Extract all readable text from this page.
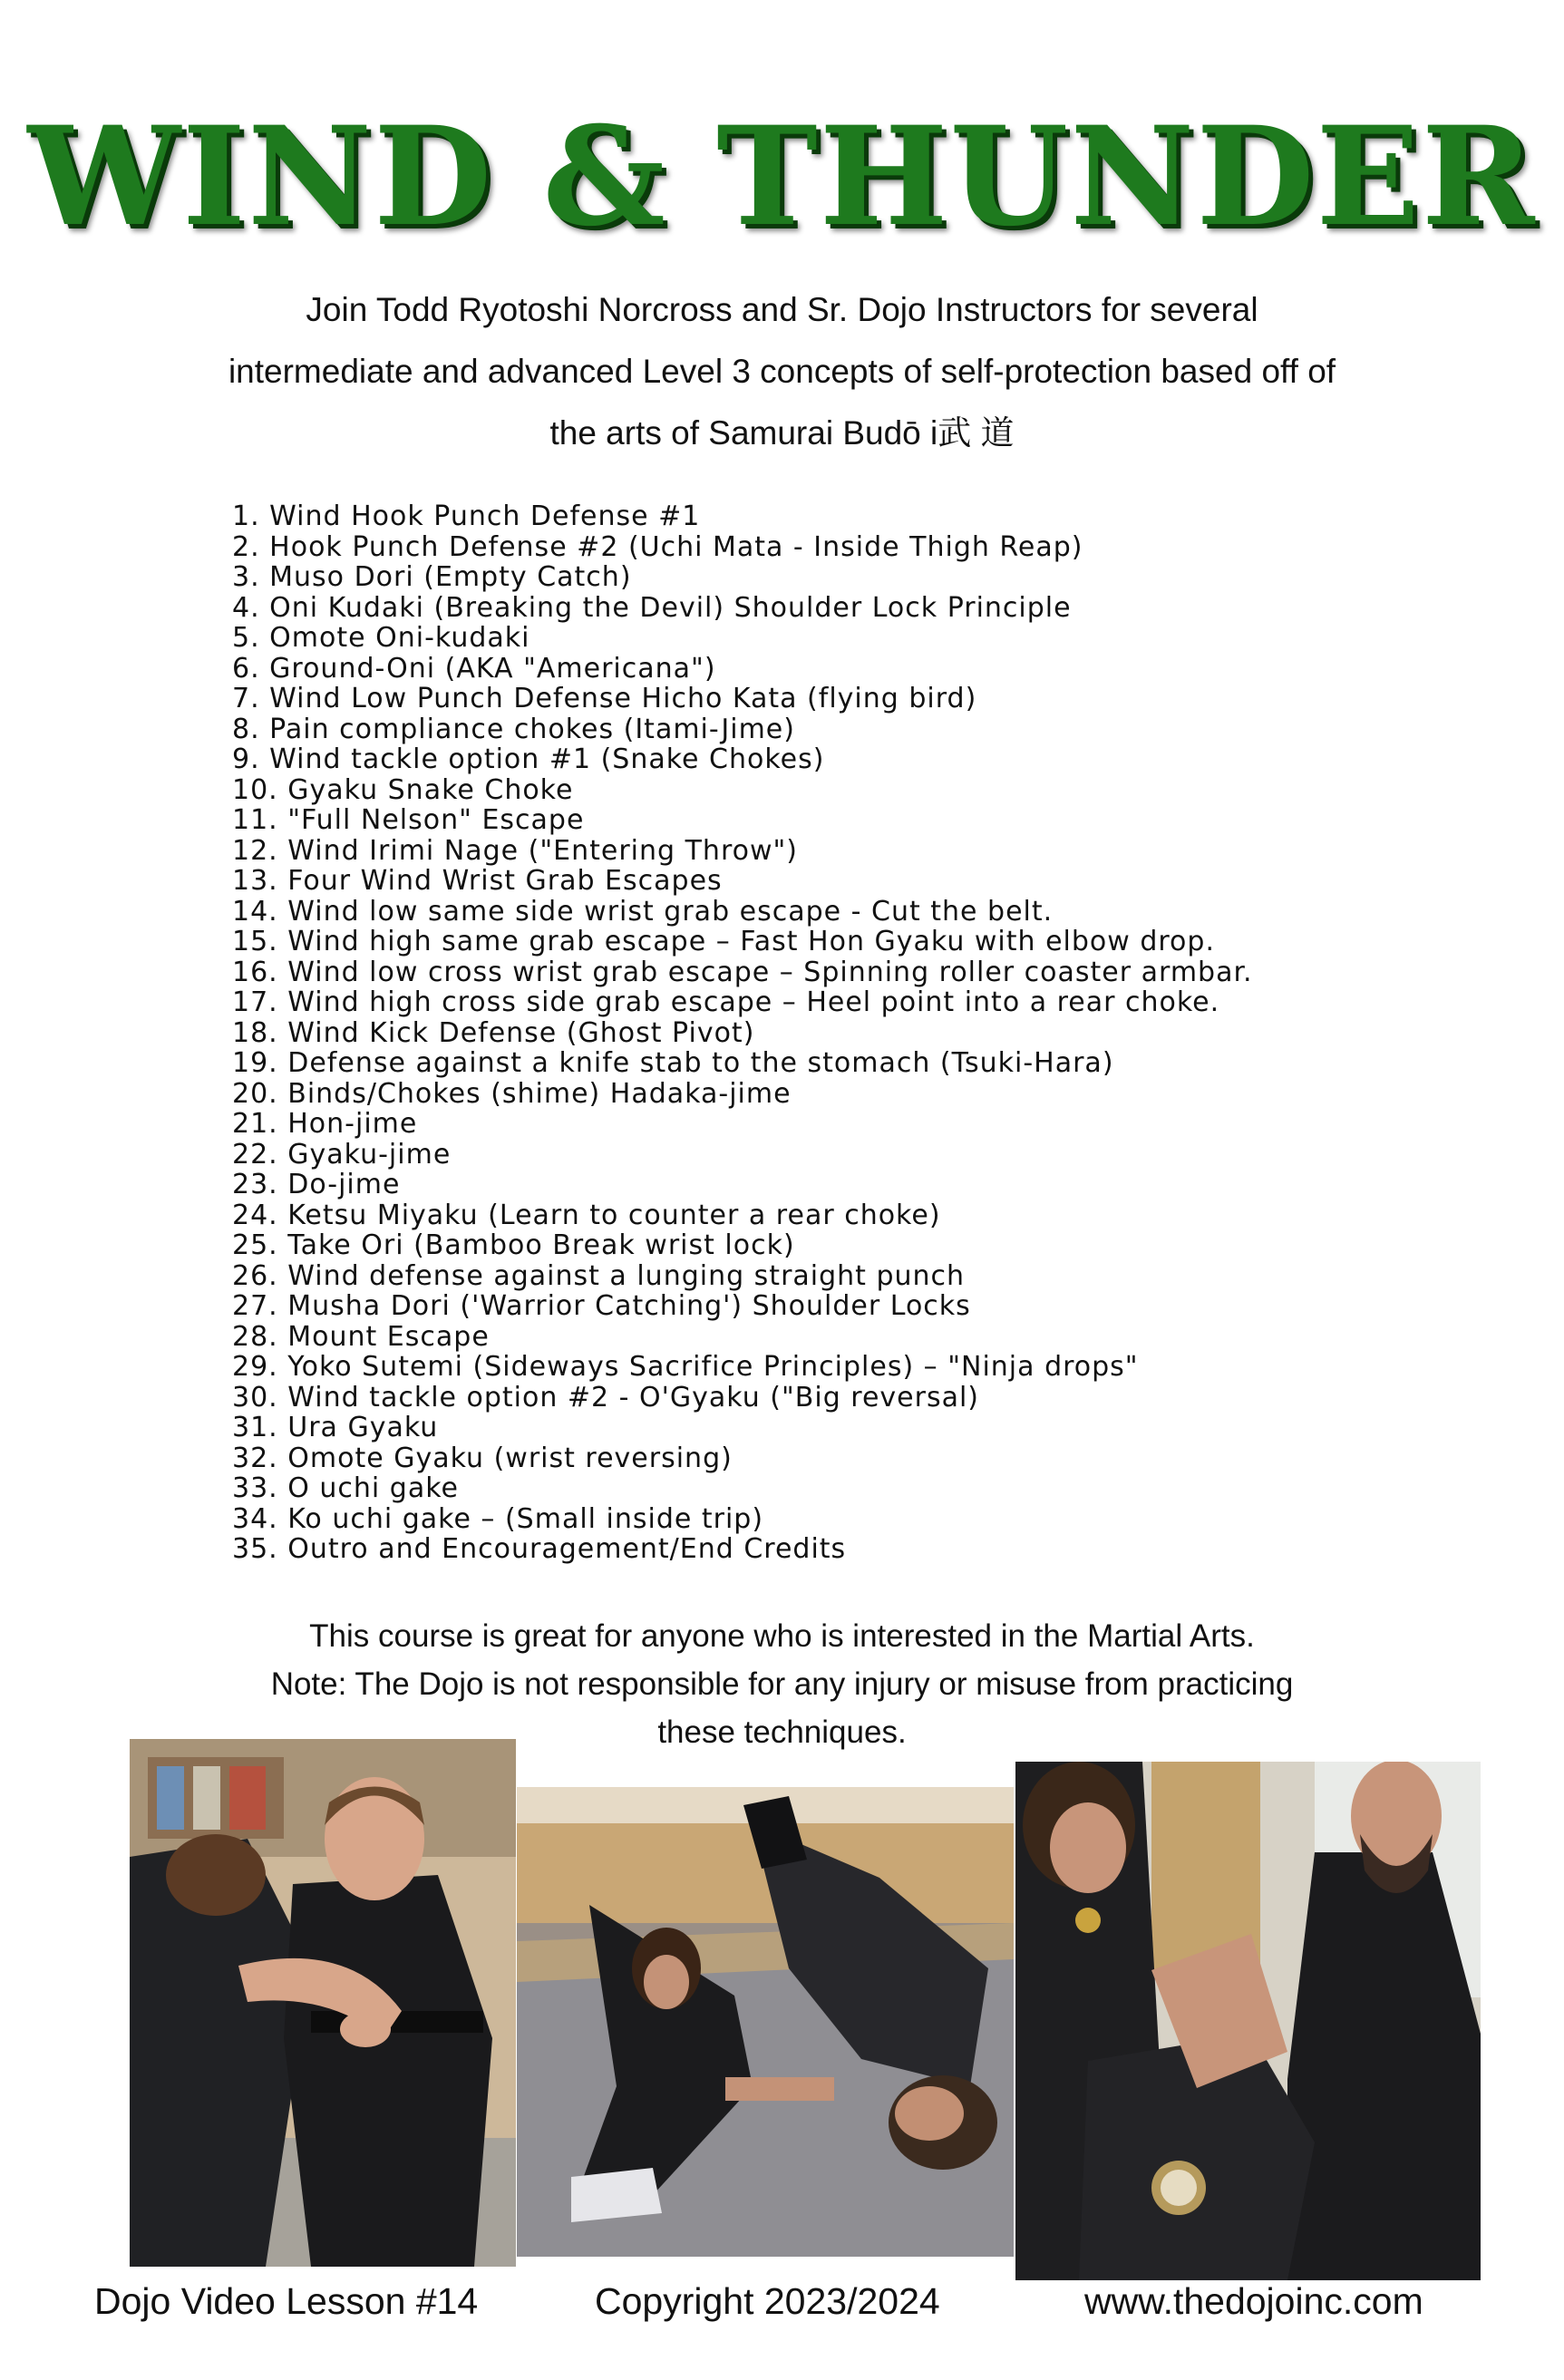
WIND & THUNDER
Join Todd Ryotoshi Norcross and Sr. Dojo Instructors for several
intermediate and advanced Level 3 concepts of self-protection based off of
the arts of Samurai Budō i武 道
1. Wind Hook Punch Defense #1
2. Hook Punch Defense #2 (Uchi Mata - Inside Thigh Reap)
3. Muso Dori (Empty Catch)
4. Oni Kudaki (Breaking the Devil) Shoulder Lock Principle
5. Omote Oni-kudaki
6. Ground-Oni (AKA "Americana")
7. Wind Low Punch Defense Hicho Kata (flying bird)
8. Pain compliance chokes (Itami-Jime)
9. Wind tackle option #1 (Snake Chokes)
10. Gyaku Snake Choke
11. "Full Nelson" Escape
12. Wind Irimi Nage ("Entering Throw")
13. Four Wind Wrist Grab Escapes
14. Wind low same side wrist grab escape - Cut the belt.
15. Wind high same grab escape – Fast Hon Gyaku with elbow drop.
16. Wind low cross wrist grab escape – Spinning roller coaster armbar.
17. Wind high cross side grab escape – Heel point into a rear choke.
18. Wind Kick Defense (Ghost Pivot)
19. Defense against a knife stab to the stomach (Tsuki-Hara)
20. Binds/Chokes (shime) Hadaka-jime
21. Hon-jime
22. Gyaku-jime
23. Do-jime
24. Ketsu Miyaku (Learn to counter a rear choke)
25. Take Ori (Bamboo Break wrist lock)
26. Wind defense against a lunging straight punch
27. Musha Dori ('Warrior Catching') Shoulder Locks
28. Mount Escape
29. Yoko Sutemi (Sideways Sacrifice Principles) – "Ninja drops"
30. Wind tackle option #2 - O'Gyaku ("Big reversal)
31. Ura Gyaku
32. Omote Gyaku (wrist reversing)
33. O uchi gake
34. Ko uchi gake – (Small inside trip)
35. Outro and Encouragement/End Credits
This course is great for anyone who is interested in the Martial Arts.
Note: The Dojo is not responsible for any injury or misuse from practicing
these techniques.
Dojo Video Lesson #14	Copyright 2023/2024	www.thedojoinc.com
